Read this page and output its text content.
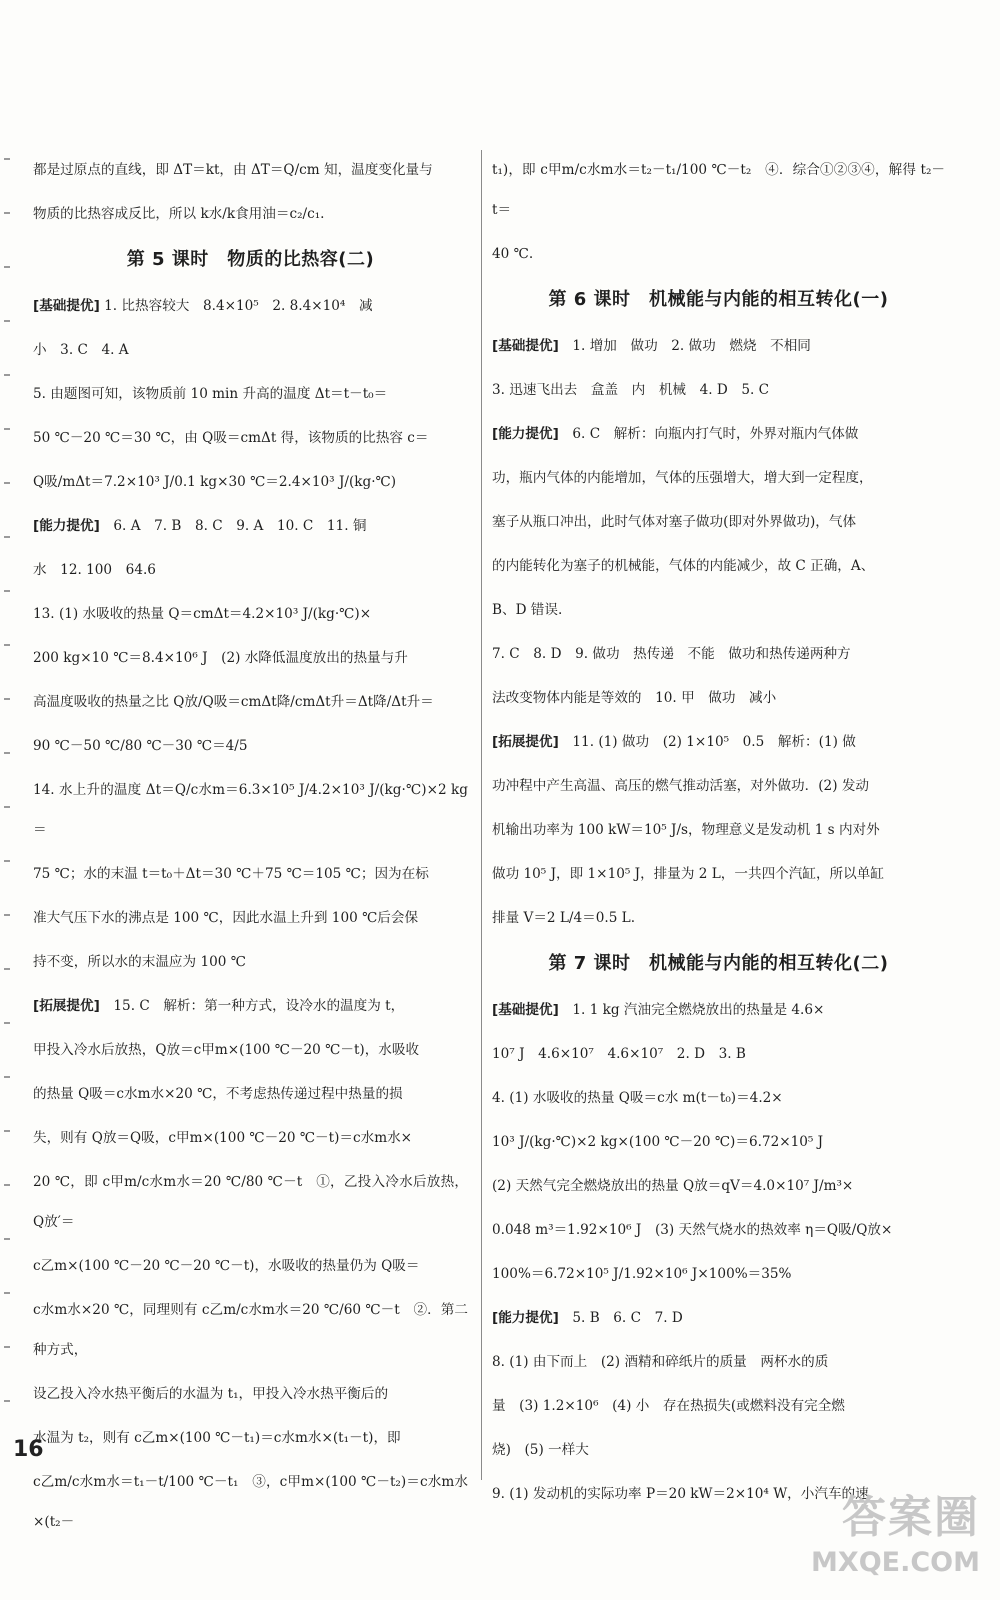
都是过原点的直线，即 ΔT＝kt，由 ΔT＝Q/cm 知，温度变化量与
物质的比热容成反比，所以 k水/k食用油＝c₂/c₁.
第 5 课时　物质的比热容(二)
[基础提优] 1. 比热容较大　8.4×10⁵　2. 8.4×10⁴　减
小　3. C　4. A
5. 由题图可知，该物质前 10 min 升高的温度 Δt＝t－t₀＝
50 ℃－20 ℃＝30 ℃，由 Q吸＝cmΔt 得，该物质的比热容 c＝
Q吸/mΔt＝7.2×10³ J/0.1 kg×30 ℃＝2.4×10³ J/(kg·℃)
[能力提优]　6. A　7. B　8. C　9. A　10. C　11. 铜
水　12. 100　64.6
13. (1) 水吸收的热量 Q＝cmΔt＝4.2×10³ J/(kg·℃)×
200 kg×10 ℃＝8.4×10⁶ J　(2) 水降低温度放出的热量与升
高温度吸收的热量之比 Q放/Q吸＝cmΔt降/cmΔt升＝Δt降/Δt升＝
90 ℃－50 ℃/80 ℃－30 ℃＝4/5
14. 水上升的温度 Δt＝Q/c水m＝6.3×10⁵ J/4.2×10³ J/(kg·℃)×2 kg＝
75 ℃；水的末温 t＝t₀＋Δt＝30 ℃＋75 ℃＝105 ℃；因为在标
准大气压下水的沸点是 100 ℃，因此水温上升到 100 ℃后会保
持不变，所以水的末温应为 100 ℃
[拓展提优]　15. C　解析：第一种方式，设冷水的温度为 t，
甲投入冷水后放热，Q放＝c甲m×(100 ℃－20 ℃－t)，水吸收
的热量 Q吸＝c水m水×20 ℃，不考虑热传递过程中热量的损
失，则有 Q放＝Q吸，c甲m×(100 ℃－20 ℃－t)＝c水m水×
20 ℃，即 c甲m/c水m水＝20 ℃/80 ℃－t　①，乙投入冷水后放热，Q放′＝
c乙m×(100 ℃－20 ℃－20 ℃－t)，水吸收的热量仍为 Q吸＝
c水m水×20 ℃，同理则有 c乙m/c水m水＝20 ℃/60 ℃－t　②．第二种方式，
设乙投入冷水热平衡后的水温为 t₁，甲投入冷水热平衡后的
水温为 t₂，则有 c乙m×(100 ℃－t₁)＝c水m水×(t₁－t)，即
c乙m/c水m水＝t₁－t/100 ℃－t₁　③，c甲m×(100 ℃－t₂)＝c水m水×(t₂－
t₁)，即 c甲m/c水m水＝t₂－t₁/100 ℃－t₂　④．综合①②③④，解得 t₂－t＝
40 ℃.
第 6 课时　机械能与内能的相互转化(一)
[基础提优]　1. 增加　做功　2. 做功　燃烧　不相同
3. 迅速飞出去　盒盖　内　机械　4. D　5. C
[能力提优]　6. C　解析：向瓶内打气时，外界对瓶内气体做
功，瓶内气体的内能增加，气体的压强增大，增大到一定程度，
塞子从瓶口冲出，此时气体对塞子做功(即对外界做功)，气体
的内能转化为塞子的机械能，气体的内能减少，故 C 正确，A、
B、D 错误.
7. C　8. D　9. 做功　热传递　不能　做功和热传递两种方
法改变物体内能是等效的　10. 甲　做功　减小
[拓展提优]　11. (1) 做功　(2) 1×10⁵　0.5　解析：(1) 做
功冲程中产生高温、高压的燃气推动活塞，对外做功．(2) 发动
机输出功率为 100 kW＝10⁵ J/s，物理意义是发动机 1 s 内对外
做功 10⁵ J，即 1×10⁵ J，排量为 2 L，一共四个汽缸，所以单缸
排量 V＝2 L/4＝0.5 L.
第 7 课时　机械能与内能的相互转化(二)
[基础提优]　1. 1 kg 汽油完全燃烧放出的热量是 4.6×
10⁷ J　4.6×10⁷　4.6×10⁷　2. D　3. B
4. (1) 水吸收的热量 Q吸＝c水 m(t－t₀)＝4.2×
10³ J/(kg·℃)×2 kg×(100 ℃－20 ℃)＝6.72×10⁵ J
(2) 天然气完全燃烧放出的热量 Q放＝qV＝4.0×10⁷ J/m³×
0.048 m³＝1.92×10⁶ J　(3) 天然气烧水的热效率 η＝Q吸/Q放×
100%＝6.72×10⁵ J/1.92×10⁶ J×100%＝35%
[能力提优]　5. B　6. C　7. D
8. (1) 由下而上　(2) 酒精和碎纸片的质量　两杯水的质
量　(3) 1.2×10⁶　(4) 小　存在热损失(或燃料没有完全燃
烧)　(5) 一样大
9. (1) 发动机的实际功率 P＝20 kW＝2×10⁴ W，小汽车的速
16
答案圈
MXQE.COM
